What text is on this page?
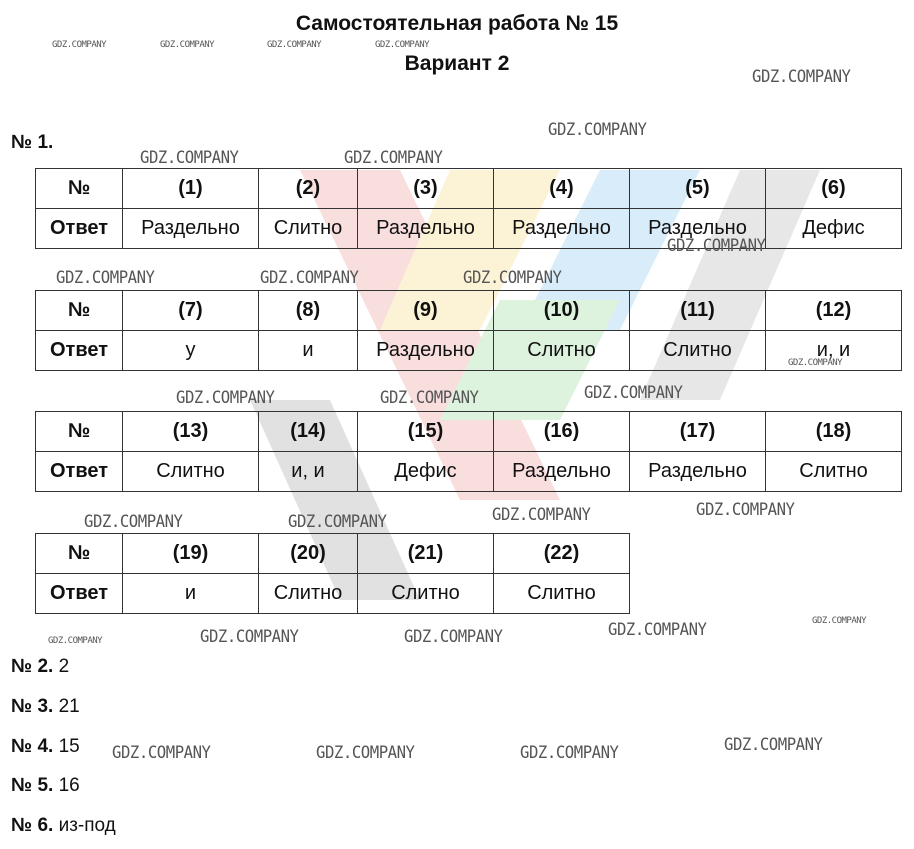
Самостоятельная работа № 15
Вариант 2
№ 1.
№	(1)	(2)	(3)	(4)	(5)	(6)
Ответ	Раздельно	Слитно	Раздельно	Раздельно	Раздельно	Дефис
№	(7)	(8)	(9)	(10)	(11)	(12)
Ответ	у	и	Раздельно	Слитно	Слитно	и, и
№	(13)	(14)	(15)	(16)	(17)	(18)
Ответ	Слитно	и, и	Дефис	Раздельно	Раздельно	Слитно
№	(19)	(20)	(21)	(22)
Ответ	и	Слитно	Слитно	Слитно
№ 2. 2
№ 3. 21
№ 4. 15
№ 5. 16
№ 6. из-под
GDZ.COMPANY	GDZ.COMPANY	GDZ.COMPANY	GDZ.COMPANY
GDZ.COMPANY
GDZ.COMPANY
GDZ.COMPANY	GDZ.COMPANY
GDZ.COMPANY
GDZ.COMPANY	GDZ.COMPANY	GDZ.COMPANY
GDZ.COMPANY
GDZ.COMPANY	GDZ.COMPANY	GDZ.COMPANY
GDZ.COMPANY	GDZ.COMPANY
GDZ.COMPANY	GDZ.COMPANY
GDZ.COMPANY	GDZ.COMPANY	GDZ.COMPANY	GDZ.COMPANY	GDZ.COMPANY
GDZ.COMPANY	GDZ.COMPANY	GDZ.COMPANY	GDZ.COMPANY
